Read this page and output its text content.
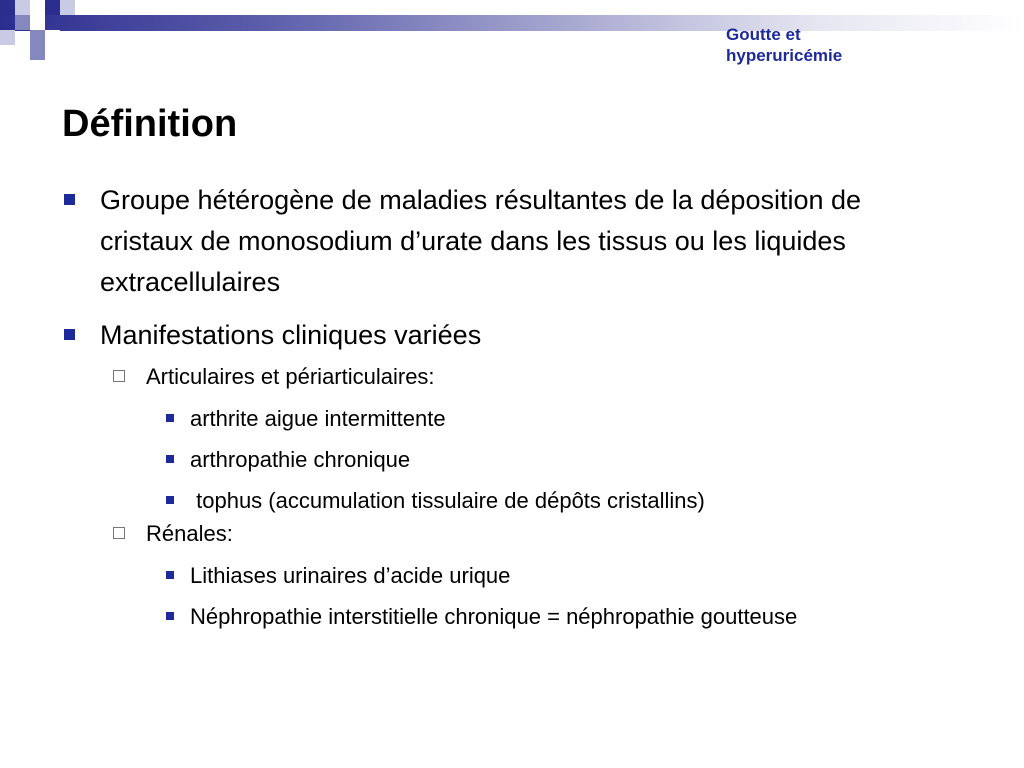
Goutte et hyperuricémie

Définition
Groupe hétérogène de maladies résultantes de la déposition de cristaux de monosodium d’urate dans les tissus ou les liquides extracellulaires
Manifestations cliniques variées
Articulaires et périarticulaires:
arthrite aigue intermittente
arthropathie chronique
tophus (accumulation tissulaire de dépôts cristallins)
Rénales:
Lithiases urinaires d’acide urique
Néphropathie interstitielle chronique = néphropathie goutteuse
